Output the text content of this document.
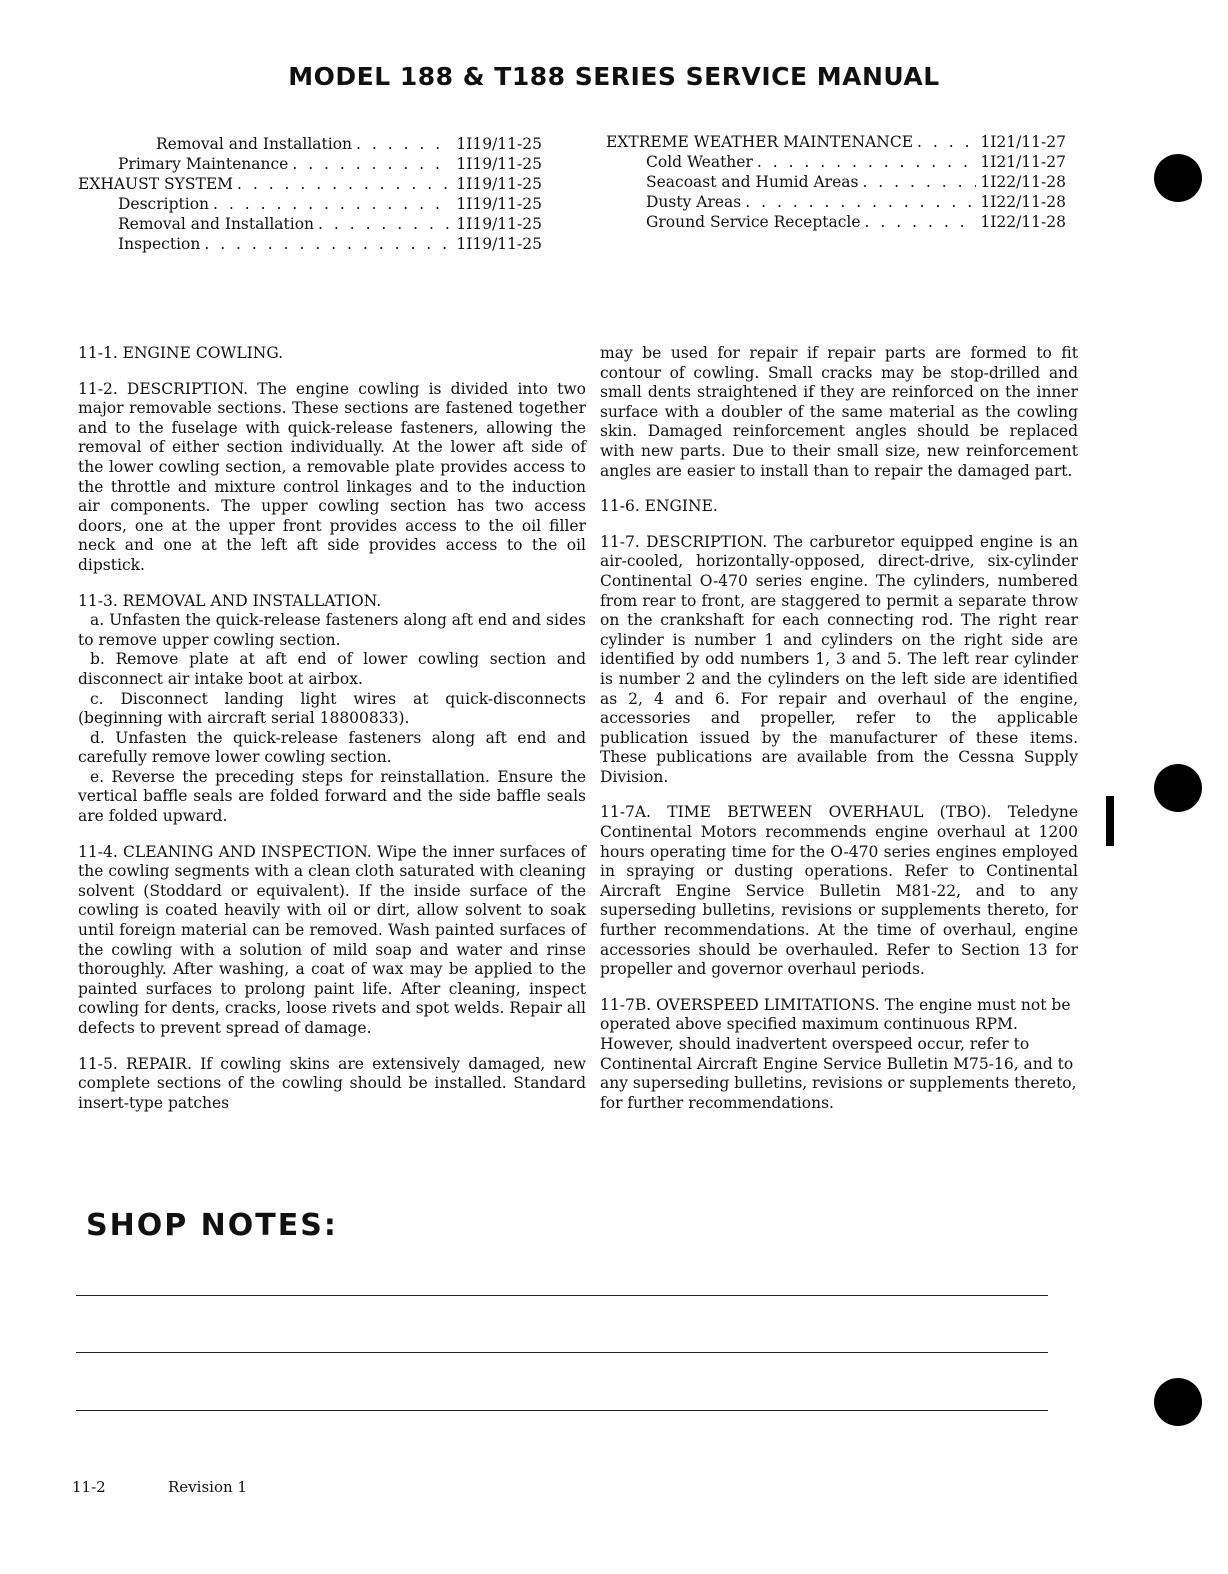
MODEL 188 & T188 SERIES SERVICE MANUAL
Removal and Installation . . .	1I19/11-25
Primary Maintenance . . .	1I19/11-25
EXHAUST SYSTEM . . .	1I19/11-25
Description . . .	1I19/11-25
Removal and Installation . . .	1I19/11-25
Inspection . . .	1I19/11-25
EXTREME WEATHER MAINTENANCE . . .	1I21/11-27
Cold Weather . . .	1I21/11-27
Seacoast and Humid Areas . . .	1I22/11-28
Dusty Areas . . .	1I22/11-28
Ground Service Receptacle . . .	1I22/11-28

11-1. ENGINE COWLING.

11-2. DESCRIPTION. The engine cowling is divided into two major removable sections. These sections are fastened together and to the fuselage with quick-release fasteners, allowing the removal of either section individually. At the lower aft side of the lower cowling section, a removable plate provides access to the throttle and mixture control linkages and to the induction air components. The upper cowling section has two access doors, one at the upper front provides access to the oil filler neck and one at the left aft side provides access to the oil dipstick.

11-3. REMOVAL AND INSTALLATION.

a. Unfasten the quick-release fasteners along aft end and sides to remove upper cowling section.

b. Remove plate at aft end of lower cowling section and disconnect air intake boot at airbox.

c. Disconnect landing light wires at quick-disconnects (beginning with aircraft serial 18800833).

d. Unfasten the quick-release fasteners along aft end and carefully remove lower cowling section.

e. Reverse the preceding steps for reinstallation. Ensure the vertical baffle seals are folded forward and the side baffle seals are folded upward.

11-4. CLEANING AND INSPECTION. Wipe the inner surfaces of the cowling segments with a clean cloth saturated with cleaning solvent (Stoddard or equivalent). If the inside surface of the cowling is coated heavily with oil or dirt, allow solvent to soak until foreign material can be removed. Wash painted surfaces of the cowling with a solution of mild soap and water and rinse thoroughly. After washing, a coat of wax may be applied to the painted surfaces to prolong paint life. After cleaning, inspect cowling for dents, cracks, loose rivets and spot welds. Repair all defects to prevent spread of damage.

11-5. REPAIR. If cowling skins are extensively damaged, new complete sections of the cowling should be installed. Standard insert-type patches

may be used for repair if repair parts are formed to fit contour of cowling. Small cracks may be stop-drilled and small dents straightened if they are reinforced on the inner surface with a doubler of the same material as the cowling skin. Damaged reinforcement angles should be replaced with new parts. Due to their small size, new reinforcement angles are easier to install than to repair the damaged part.

11-6. ENGINE.

11-7. DESCRIPTION. The carburetor equipped engine is an air-cooled, horizontally-opposed, direct-drive, six-cylinder Continental O-470 series engine. The cylinders, numbered from rear to front, are staggered to permit a separate throw on the crankshaft for each connecting rod. The right rear cylinder is number 1 and cylinders on the right side are identified by odd numbers 1, 3 and 5. The left rear cylinder is number 2 and the cylinders on the left side are identified as 2, 4 and 6. For repair and overhaul of the engine, accessories and propeller, refer to the applicable publication issued by the manufacturer of these items. These publications are available from the Cessna Supply Division.

11-7A. TIME BETWEEN OVERHAUL (TBO). Teledyne Continental Motors recommends engine overhaul at 1200 hours operating time for the O-470 series engines employed in spraying or dusting operations. Refer to Continental Aircraft Engine Service Bulletin M81-22, and to any superseding bulletins, revisions or supplements thereto, for further recommendations. At the time of overhaul, engine accessories should be overhauled. Refer to Section 13 for propeller and governor overhaul periods.

11-7B. OVERSPEED LIMITATIONS. The engine must not be operated above specified maximum continuous RPM. However, should inadvertent overspeed occur, refer to Continental Aircraft Engine Service Bulletin M75-16, and to any superseding bulletins, revisions or supplements thereto, for further recommendations.

SHOP NOTES:
11-2	Revision 1
